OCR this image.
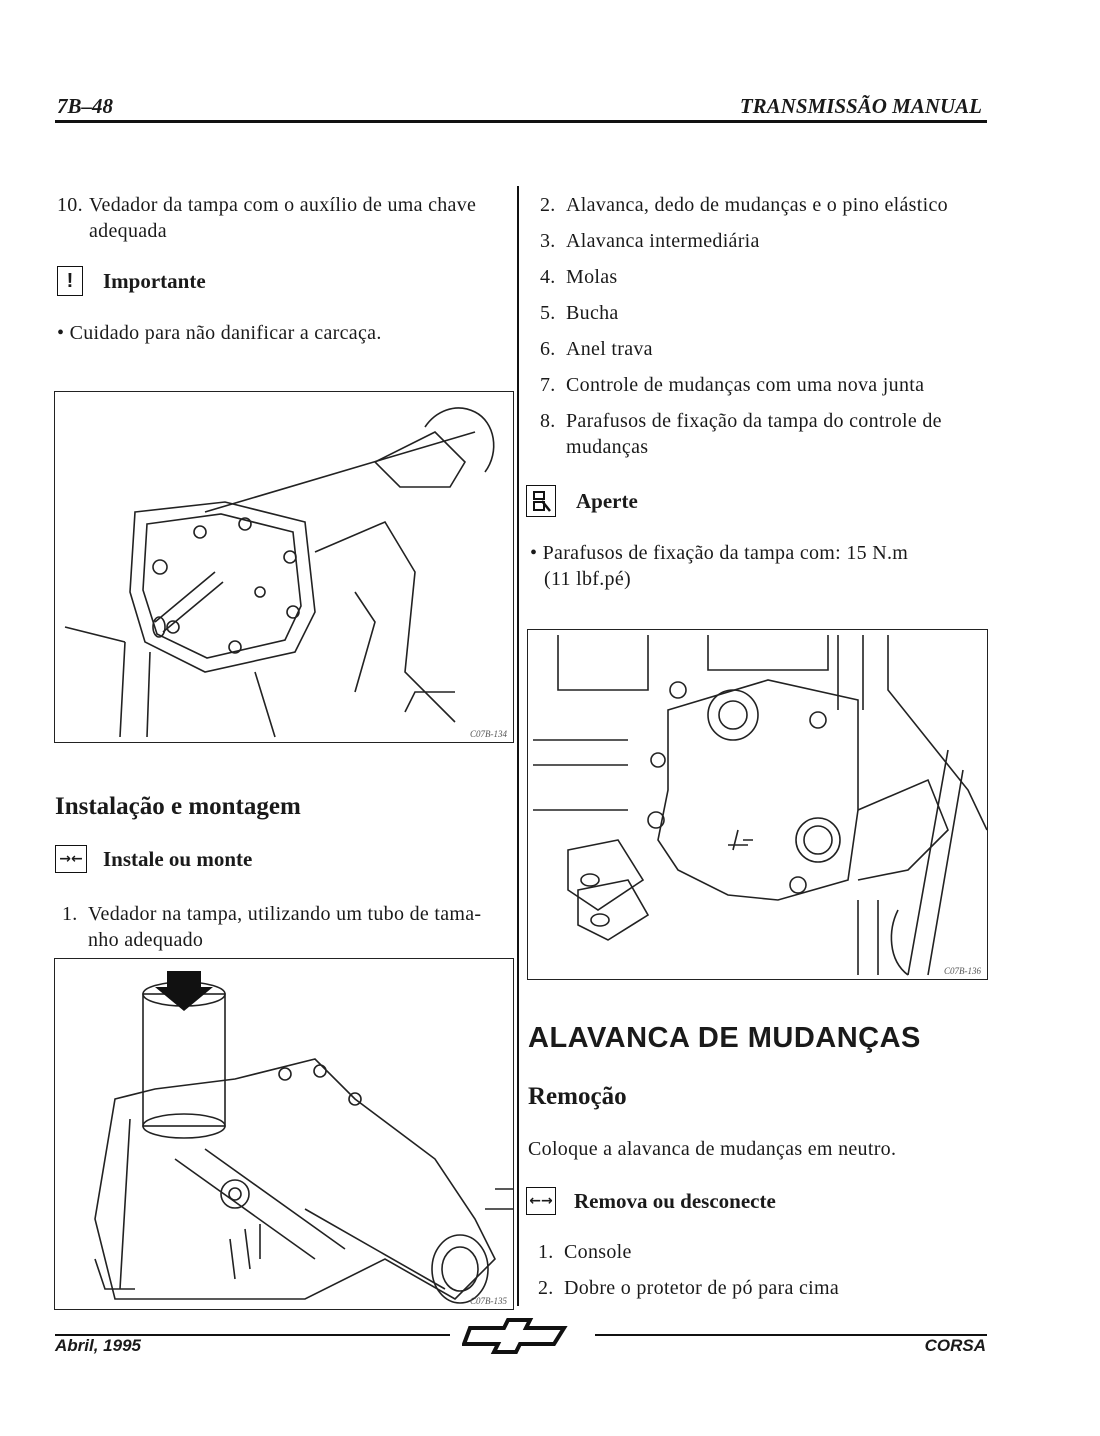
7B–48	TRANSMISSÃO MANUAL
10. Vedador da tampa com o auxílio de uma chave
adequada
! Importante
• Cuidado para não danificar a carcaça.
C07B-134
Instalação e montagem
→← Instale ou monte
1. Vedador na tampa, utilizando um tubo de tama-
nho adequado
C07B-135
2. Alavanca, dedo de mudanças e o pino elástico
3. Alavanca intermediária
4. Molas
5. Bucha
6. Anel trava
7. Controle de mudanças com uma nova junta
8. Parafusos de fixação da tampa do controle de
mudanças
Aperte
• Parafusos de fixação da tampa com: 15 N.m
(11 lbf.pé)
C07B-136
ALAVANCA DE MUDANÇAS
Remoção
Coloque a alavanca de mudanças em neutro.
←→ Remova ou desconecte
1. Console
2. Dobre o protetor de pó para cima
Abril, 1995	CORSA
